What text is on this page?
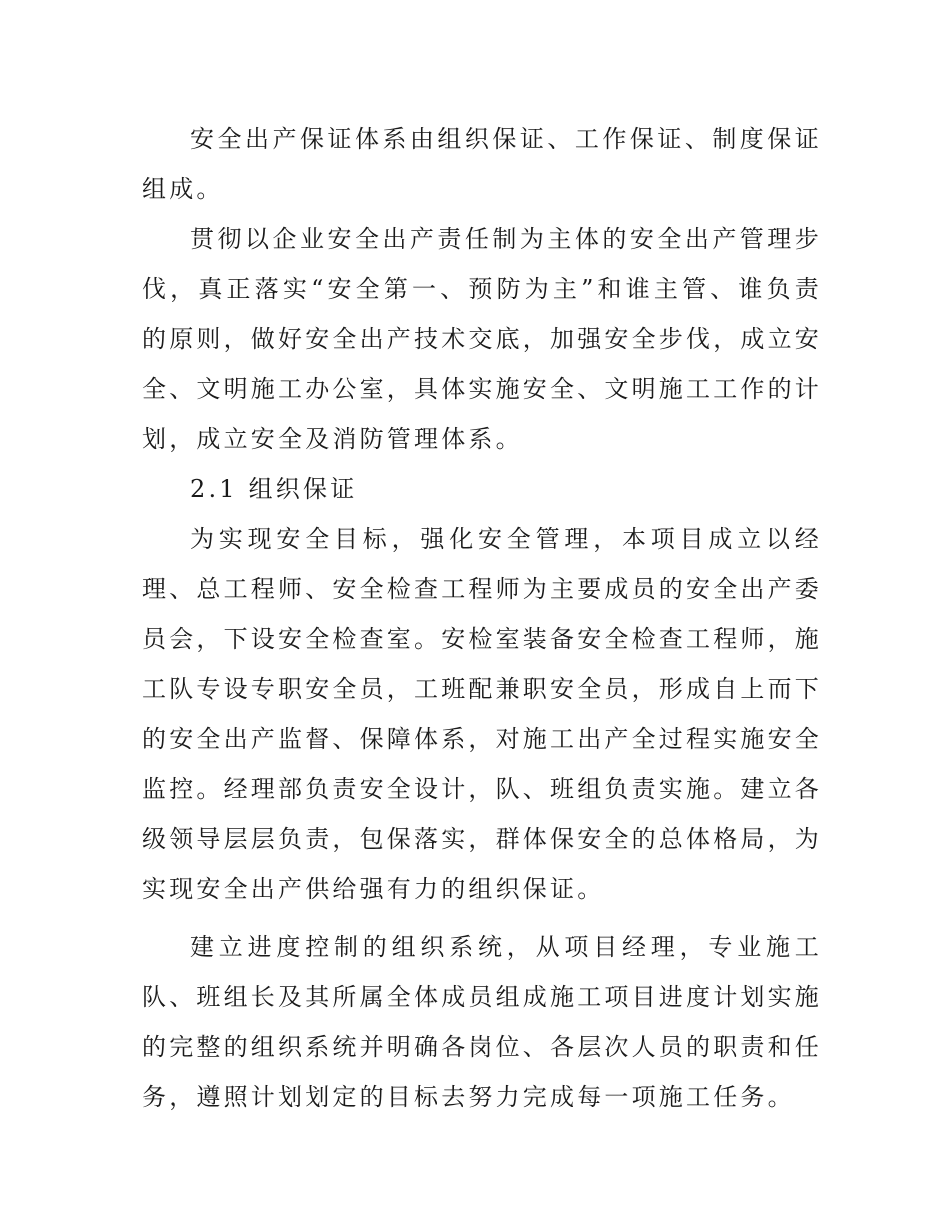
安全出产保证体系由组织保证、工作保证、制度保证组成。

贯彻以企业安全出产责任制为主体的安全出产管理步伐，真正落实“安全第一、预防为主”和谁主管、谁负责的原则，做好安全出产技术交底，加强安全步伐，成立安全、文明施工办公室，具体实施安全、文明施工工作的计划，成立安全及消防管理体系。

2.1 组织保证

为实现安全目标，强化安全管理，本项目成立以经理、总工程师、安全检查工程师为主要成员的安全出产委员会，下设安全检查室。安检室装备安全检查工程师，施工队专设专职安全员，工班配兼职安全员，形成自上而下的安全出产监督、保障体系，对施工出产全过程实施安全监控。经理部负责安全设计，队、班组负责实施。建立各级领导层层负责，包保落实，群体保安全的总体格局，为实现安全出产供给强有力的组织保证。

建立进度控制的组织系统，从项目经理，专业施工队、班组长及其所属全体成员组成施工项目进度计划实施的完整的组织系统并明确各岗位、各层次人员的职责和任务，遵照计划划定的目标去努力完成每一项施工任务。
